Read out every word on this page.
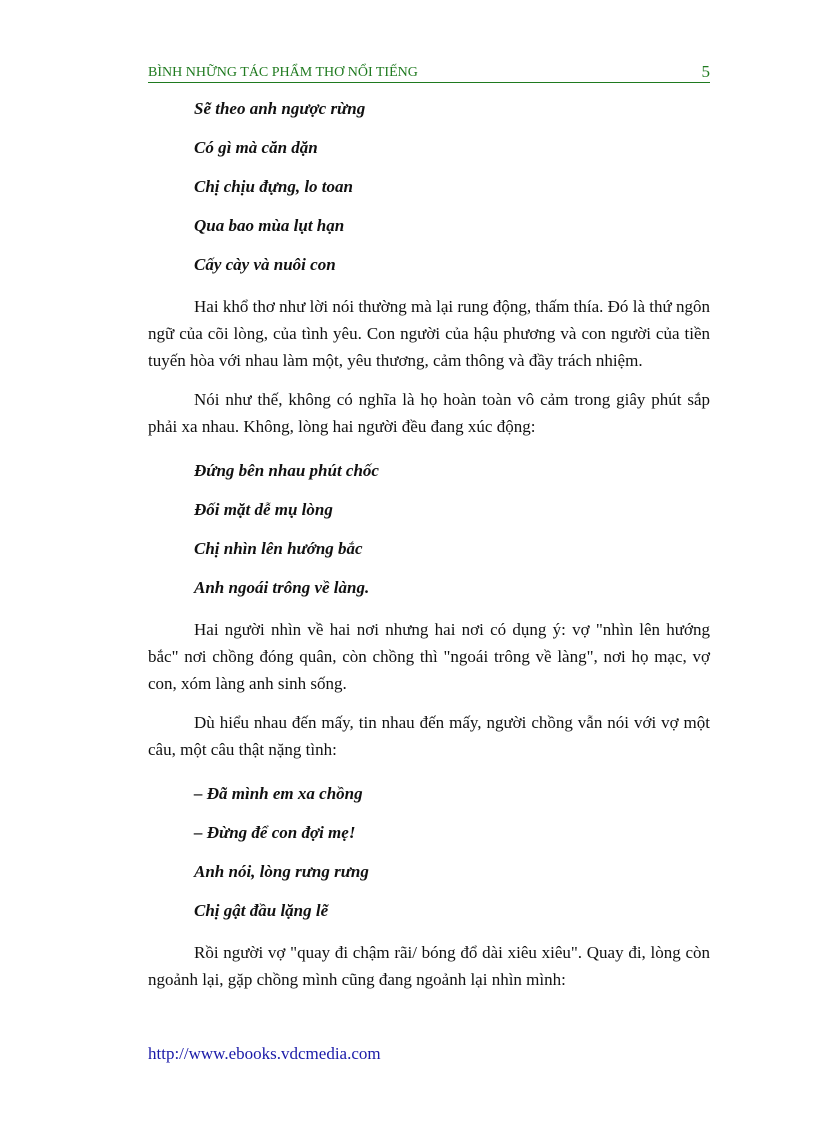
BÌNH NHỮNG TÁC PHẨM THƠ NỔI TIẾNG	5
Sẽ theo anh ngược rừng
Có gì mà căn dặn
Chị chịu đựng, lo toan
Qua bao mùa lụt hạn
Cấy cày và nuôi con

Hai khổ thơ như lời nói thường mà lại rung động, thấm thía. Đó là thứ ngôn ngữ của cõi lòng, của tình yêu. Con người của hậu phương và con người của tiền tuyến hòa với nhau làm một, yêu thương, cảm thông và đầy trách nhiệm.

Nói như thế, không có nghĩa là họ hoàn toàn vô cảm trong giây phút sắp phải xa nhau. Không, lòng hai người đều đang xúc động:

Đứng bên nhau phút chốc
Đối mặt dễ mụ lòng
Chị nhìn lên hướng bắc
Anh ngoái trông về làng.

Hai người nhìn về hai nơi nhưng hai nơi có dụng ý: vợ "nhìn lên hướng bắc" nơi chồng đóng quân, còn chồng thì "ngoái trông về làng", nơi họ mạc, vợ con, xóm làng anh sinh sống.

Dù hiểu nhau đến mấy, tin nhau đến mấy, người chồng vẫn nói với vợ một câu, một câu thật nặng tình:

– Đã mình em xa chồng
– Đừng để con đợi mẹ!
Anh nói, lòng rưng rưng
Chị gật đầu lặng lẽ

Rồi người vợ "quay đi chậm rãi/ bóng đổ dài xiêu xiêu". Quay đi, lòng còn ngoảnh lại, gặp chồng mình cũng đang ngoảnh lại nhìn mình:

http://www.ebooks.vdcmedia.com
